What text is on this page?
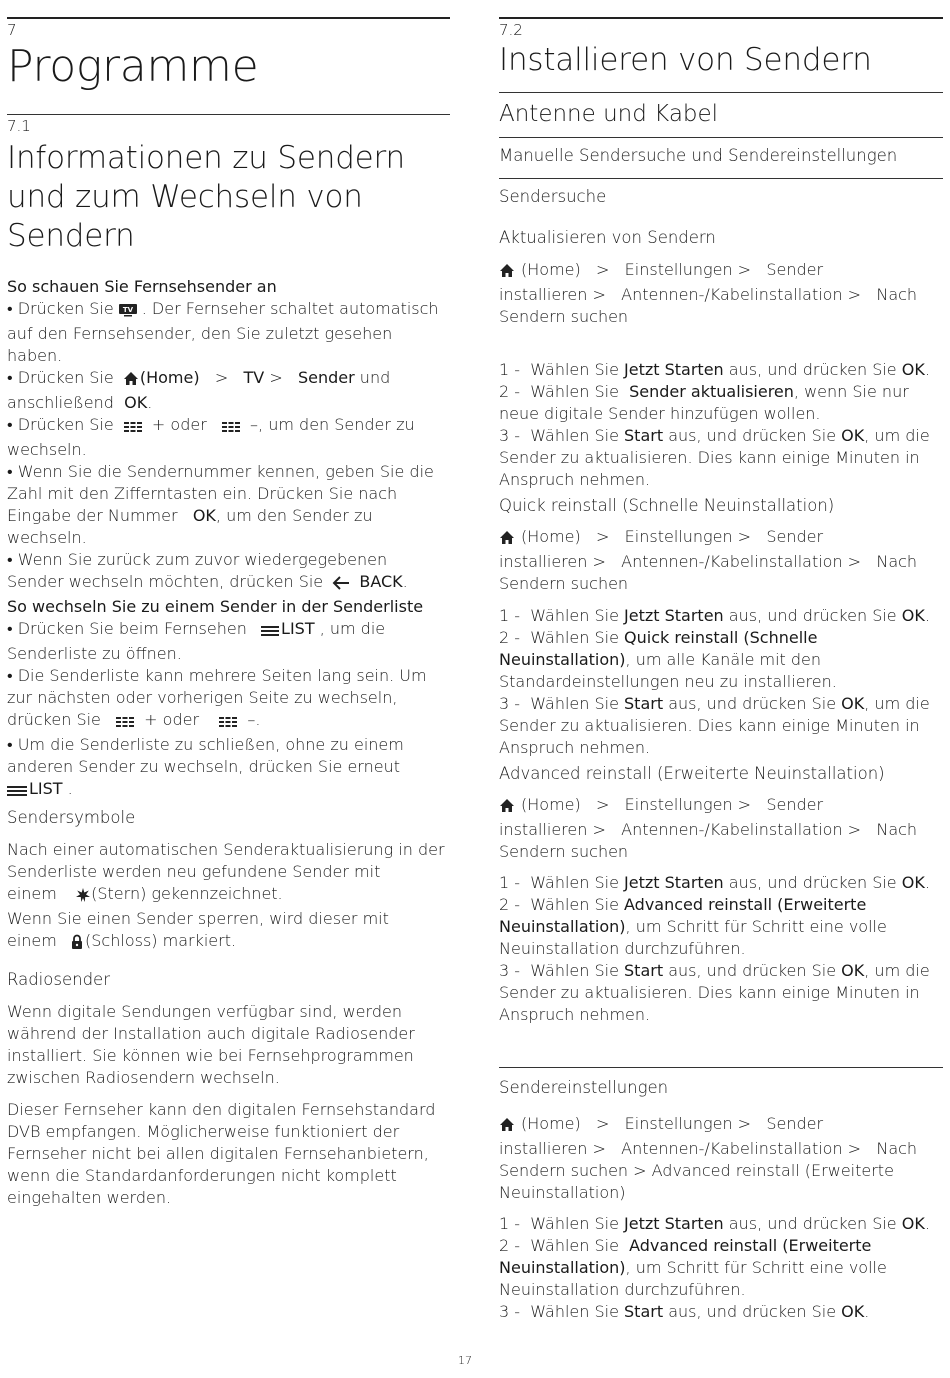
7
Programme
7.1
Informationen zu Sendern
und zum Wechseln von
Sendern
So schauen Sie Fernsehsender an
• Drücken Sie TV . Der Fernseher schaltet automatisch
auf den Fernsehsender, den Sie zuletzt gesehen
haben.
• Drücken Sie (Home) > TV > Sender und
anschließend OK.
• Drücken Sie + oder	–, um den Sender zu
wechseln.
• Wenn Sie die Sendernummer kennen, geben Sie die
Zahl mit den Zifferntasten ein. Drücken Sie nach
Eingabe der Nummer OK, um den Sender zu
wechseln.
• Wenn Sie zurück zum zuvor wiedergegebenen
Sender wechseln möchten, drücken Sie BACK.
So wechseln Sie zu einem Sender in der Senderliste
• Drücken Sie beim Fernsehen LIST , um die
Senderliste zu öffnen.
• Die Senderliste kann mehrere Seiten lang sein. Um
zur nächsten oder vorherigen Seite zu wechseln,
drücken Sie	+ oder	–.
• Um die Senderliste zu schließen, ohne zu einem
anderen Sender zu wechseln, drücken Sie erneut
LIST .
Sendersymbole
Nach einer automatischen Senderaktualisierung in der
Senderliste werden neu gefundene Sender mit
einem (Stern) gekennzeichnet.
Wenn Sie einen Sender sperren, wird dieser mit
einem (Schloss) markiert.
Radiosender
Wenn digitale Sendungen verfügbar sind, werden
während der Installation auch digitale Radiosender
installiert. Sie können wie bei Fernsehprogrammen
zwischen Radiosendern wechseln.
Dieser Fernseher kann den digitalen Fernsehstandard
DVB empfangen. Möglicherweise funktioniert der
Fernseher nicht bei allen digitalen Fernsehanbietern,
wenn die Standardanforderungen nicht komplett
eingehalten werden.
7.2
Installieren von Sendern
Antenne und Kabel
Manuelle Sendersuche und Sendereinstellungen
Sendersuche
Aktualisieren von Sendern
(Home) > Einstellungen > Sender
installieren > Antennen-/Kabelinstallation > Nach
Sendern suchen
1 - Wählen Sie Jetzt Starten aus, und drücken Sie OK.
2 - Wählen Sie Sender aktualisieren, wenn Sie nur
neue digitale Sender hinzufügen wollen.
3 - Wählen Sie Start aus, und drücken Sie OK, um die
Sender zu aktualisieren. Dies kann einige Minuten in
Anspruch nehmen.
Quick reinstall (Schnelle Neuinstallation)
(Home) > Einstellungen > Sender
installieren > Antennen-/Kabelinstallation > Nach
Sendern suchen
1 - Wählen Sie Jetzt Starten aus, und drücken Sie OK.
2 - Wählen Sie Quick reinstall (Schnelle
Neuinstallation), um alle Kanäle mit den
Standardeinstellungen neu zu installieren.
3 - Wählen Sie Start aus, und drücken Sie OK, um die
Sender zu aktualisieren. Dies kann einige Minuten in
Anspruch nehmen.
Advanced reinstall (Erweiterte Neuinstallation)
(Home) > Einstellungen > Sender
installieren > Antennen-/Kabelinstallation > Nach
Sendern suchen
1 - Wählen Sie Jetzt Starten aus, und drücken Sie OK.
2 - Wählen Sie Advanced reinstall (Erweiterte
Neuinstallation), um Schritt für Schritt eine volle
Neuinstallation durchzuführen.
3 - Wählen Sie Start aus, und drücken Sie OK, um die
Sender zu aktualisieren. Dies kann einige Minuten in
Anspruch nehmen.
Sendereinstellungen
(Home) > Einstellungen > Sender
installieren > Antennen-/Kabelinstallation > Nach
Sendern suchen > Advanced reinstall (Erweiterte
Neuinstallation)
1 - Wählen Sie Jetzt Starten aus, und drücken Sie OK.
2 - Wählen Sie Advanced reinstall (Erweiterte
Neuinstallation), um Schritt für Schritt eine volle
Neuinstallation durchzuführen.
3 - Wählen Sie Start aus, und drücken Sie OK.
17
